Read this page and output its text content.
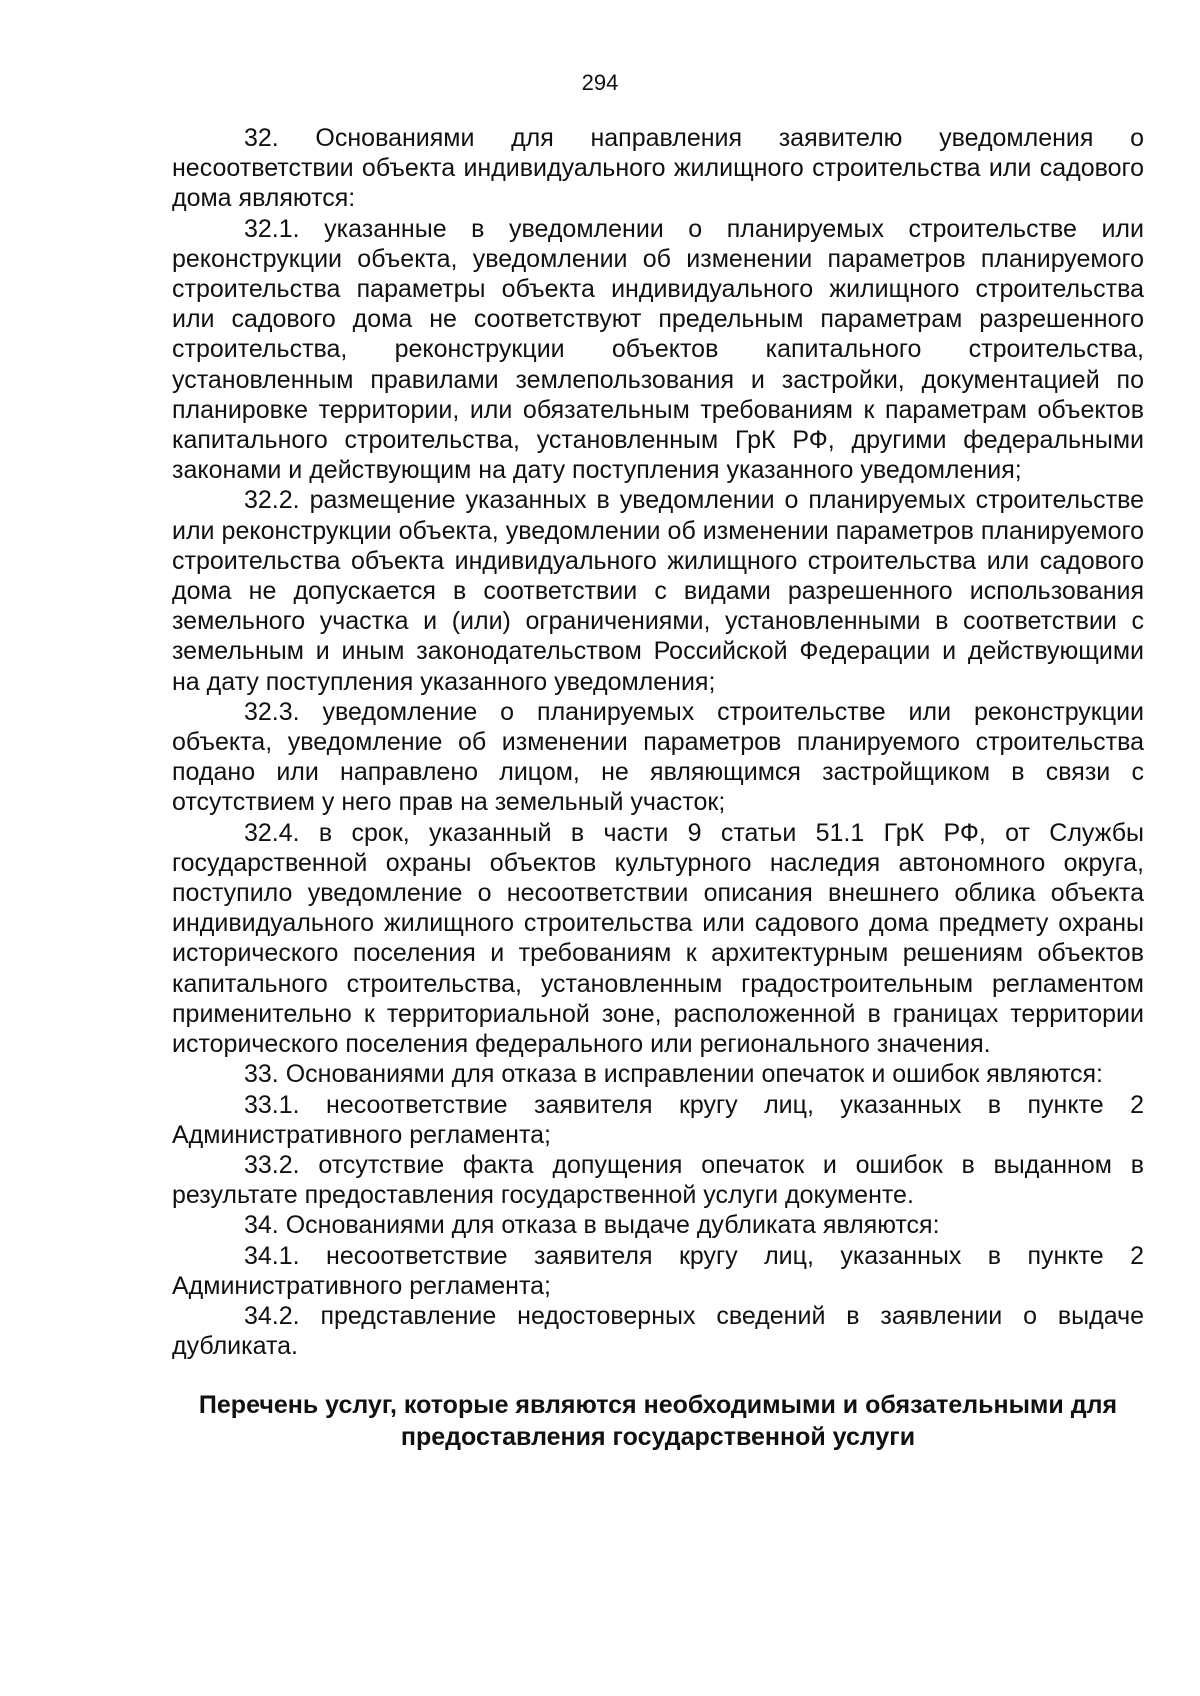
294

32. Основаниями для направления заявителю уведомления о несоответствии объекта индивидуального жилищного строительства или садового дома являются:

32.1. указанные в уведомлении о планируемых строительстве или реконструкции объекта, уведомлении об изменении параметров планируемого строительства параметры объекта индивидуального жилищного строительства или садового дома не соответствуют предельным параметрам разрешенного строительства, реконструкции объектов капитального строительства, установленным правилами землепользования и застройки, документацией по планировке территории, или обязательным требованиям к параметрам объектов капитального строительства, установленным ГрК РФ, другими федеральными законами и действующим на дату поступления указанного уведомления;

32.2. размещение указанных в уведомлении о планируемых строительстве или реконструкции объекта, уведомлении об изменении параметров планируемого строительства объекта индивидуального жилищного строительства или садового дома не допускается в соответствии с видами разрешенного использования земельного участка и (или) ограничениями, установленными в соответствии с земельным и иным законодательством Российской Федерации и действующими на дату поступления указанного уведомления;

32.3. уведомление о планируемых строительстве или реконструкции объекта, уведомление об изменении параметров планируемого строительства подано или направлено лицом, не являющимся застройщиком в связи с отсутствием у него прав на земельный участок;

32.4. в срок, указанный в части 9 статьи 51.1 ГрК РФ, от Службы государственной охраны объектов культурного наследия автономного округа, поступило уведомление о несоответствии описания внешнего облика объекта индивидуального жилищного строительства или садового дома предмету охраны исторического поселения и требованиям к архитектурным решениям объектов капитального строительства, установленным градостроительным регламентом применительно к территориальной зоне, расположенной в границах территории исторического поселения федерального или регионального значения.

33. Основаниями для отказа в исправлении опечаток и ошибок являются:

33.1. несоответствие заявителя кругу лиц, указанных в пункте 2 Административного регламента;

33.2. отсутствие факта допущения опечаток и ошибок в выданном в результате предоставления государственной услуги документе.

34. Основаниями для отказа в выдаче дубликата являются:

34.1. несоответствие заявителя кругу лиц, указанных в пункте 2 Административного регламента;

34.2. представление недостоверных сведений в заявлении о выдаче дубликата.

Перечень услуг, которые являются необходимыми и обязательными для предоставления государственной услуги
